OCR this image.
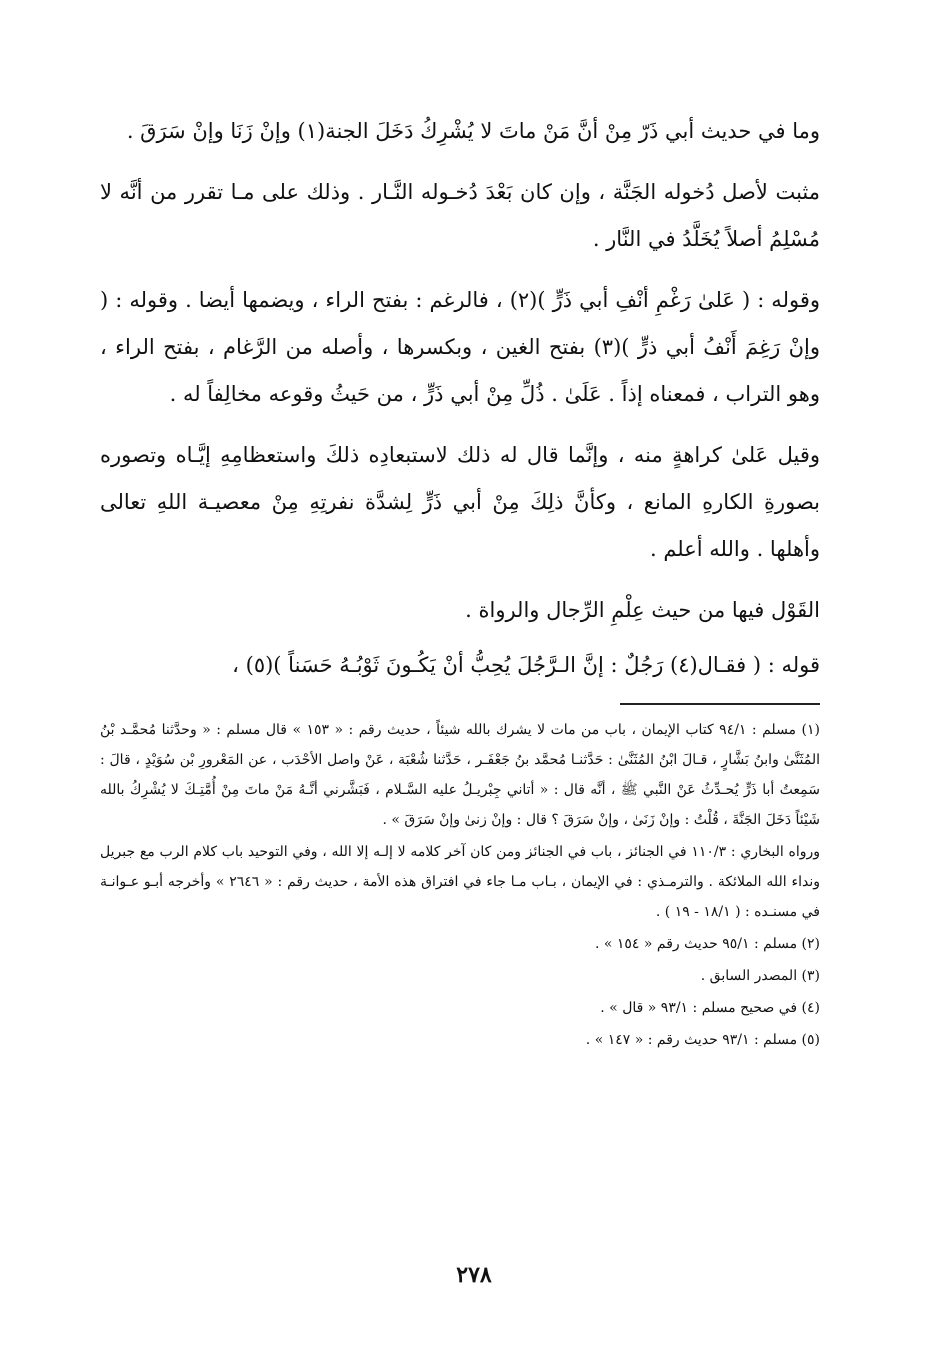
وما في حديث أبي ذَرّ مِنْ أنَّ مَنْ ماتَ لا يُشْرِكُ دَخَلَ الجنة(١) وإنْ زَنَا وإنْ سَرَقَ .

مثبت لأصل دُخوله الجَنَّة ، وإن كان بَعْدَ دُخـوله النَّـار . وذلك على مـا تقرر من أنَّه لا مُسْلِمُ أصلاً يُخَلَّدُ في النَّار .

وقوله : ( عَلىٰ رَغْمِ أنْفِ أبي ذَرٍّ )(٢) ، فالرغم : بفتح الراء ، ويضمها أيضا . وقوله : ( وإنْ رَغِمَ أَنْفُ أبي ذرٍّ )(٣) بفتح الغين ، وبكسرها ، وأصله من الرَّغام ، بفتح الراء ، وهو التراب ، فمعناه إذاً . عَلَىٰ . ذُلِّ مِنْ أبي ذَرٍّ ، من حَيثُ وقوعه مخالِفاً له .

وقيل عَلىٰ كراهةٍ منه ، وإنَّما قال له ذلك لاستبعادِه ذلكَ واستعظامِهِ إيَّـاه وتصوره بصورةِ الكارهِ المانع ، وكأنَّ ذلِكَ مِنْ أبي ذَرٍّ لِشدَّة نفرتِهِ مِنْ معصيـة اللهِ تعالى وأهلها . والله أعلم .

القَوْل فيها من حيث عِلْمِ الرِّجال والرواة .

قوله : ( فقـال(٤) رَجُلٌ : إنَّ الـرَّجُلَ يُحِبُّ أنْ يَكُـونَ ثَوْبُـهُ حَسَناً )(٥) ،

(١) مسلم : ٩٤/١ كتاب الإيمان ، باب من مات لا يشرك بالله شيئاً ، حديث رقم : « ١٥٣ » قال مسلم : « وحدَّثنا مُحمَّـد بْنُ المُثَنَّىٰ وابنُ بَشَّارٍ ، قـالَ ابْنُ المُثَنَّىٰ : حَدَّثنـا مُحمَّد بنُ جَعْفَـر ، حَدَّثنا شُعْبَة ، عَنْ واصل الأحْدَب ، عن المَعْرورِ بْن سُوَيْدٍ ، قالَ : سَمِعتُ أبا ذَرٍّ يُحـدِّثُ عَنْ النَّبي ﷺ ، أنَّه قال : « أتاني جِبْريـلُ عليه السَّـلام ، فَبَشَّرني أنَّـهُ مَنْ ماتَ مِنْ أُمَّتِـكَ لا يُشْرِكُ بالله شَيْئاً دَخَلَ الجَنَّةَ ، قُلْتُ : وإنْ زَنَىٰ ، وإنْ سَرَقَ ؟ قال : وإنْ زنىٰ وإنْ سَرَقَ » .

ورواه البخاري : ١١٠/٣ في الجنائز ، باب في الجنائز ومن كان آخر كلامه لا إلـه إلا الله ، وفي التوحيد باب كلام الرب مع جبريل ونداء الله الملائكة . والترمـذي : في الإيمان ، بـاب مـا جاء في افتراق هذه الأمة ، حديث رقم : « ٢٦٤٦ » وأخرجه أبـو عـوانـة في مسنـده : ( ١٨/١ - ١٩ ) .

(٢) مسلم : ٩٥/١ حديث رقم « ١٥٤ » .

(٣) المصدر السابق .

(٤) في صحيح مسلم : ٩٣/١ « قال » .

(٥) مسلم : ٩٣/١ حديث رقم : « ١٤٧ » .

٢٧٨
